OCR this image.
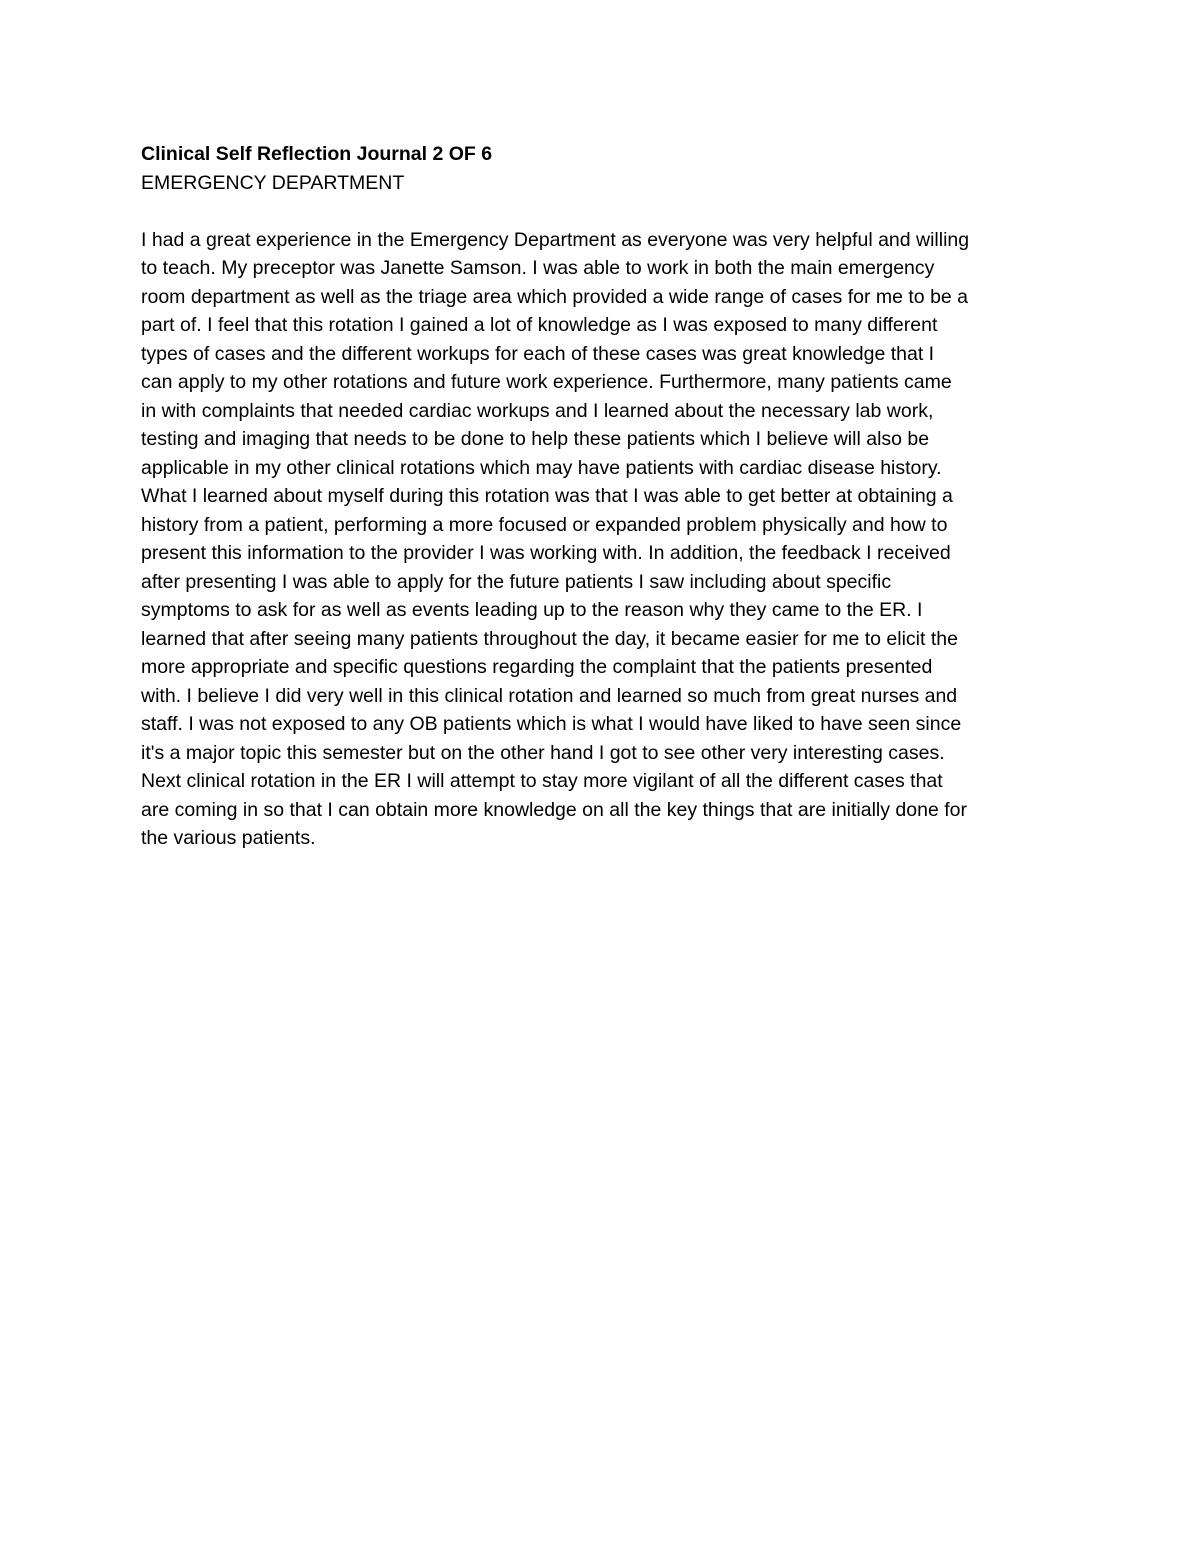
Clinical Self Reflection Journal 2 OF 6

EMERGENCY DEPARTMENT

I had a great experience in the Emergency Department as everyone was very helpful and willing

to teach. My preceptor was Janette Samson. I was able to work in both the main emergency

room department as well as the triage area which provided a wide range of cases for me to be a

part of. I feel that this rotation I gained a lot of knowledge as I was exposed to many different

types of cases and the different workups for each of these cases was great knowledge that I

can apply to my other rotations and future work experience. Furthermore, many patients came

in with complaints that needed cardiac workups and I learned about the necessary lab work,

testing and imaging that needs to be done to help these patients which I believe will also be

applicable in my other clinical rotations which may have patients with cardiac disease history.

What I learned about myself during this rotation was that I was able to get better at obtaining a

history from a patient, performing a more focused or expanded problem physically and how to

present this information to the provider I was working with. In addition, the feedback I received

after presenting I was able to apply for the future patients I saw including about specific

symptoms to ask for as well as events leading up to the reason why they came to the ER. I

learned that after seeing many patients throughout the day, it became easier for me to elicit the

more appropriate and specific questions regarding the complaint that the patients presented

with. I believe I did very well in this clinical rotation and learned so much from great nurses and

staff. I was not exposed to any OB patients which is what I would have liked to have seen since

it's a major topic this semester but on the other hand I got to see other very interesting cases.

Next clinical rotation in the ER I will attempt to stay more vigilant of all the different cases that

are coming in so that I can obtain more knowledge on all the key things that are initially done for

the various patients.
